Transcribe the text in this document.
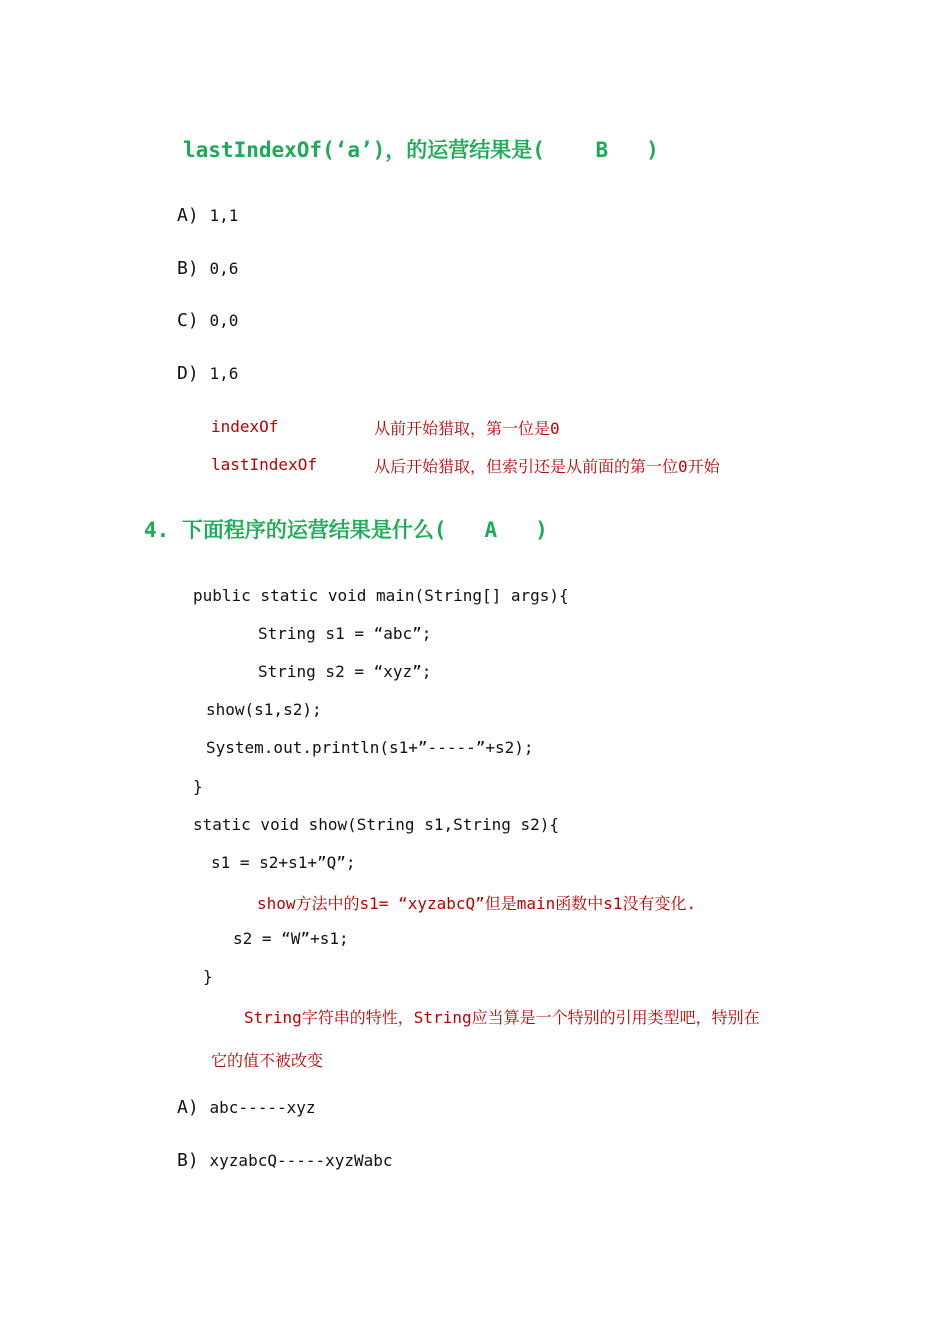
lastIndexOf(‘a’)，的运营结果是(    B   )
A) 1,1
B) 0,6
C) 0,0
D) 1,6
indexOf	从前开始猎取，第一位是0
lastIndexOf	从后开始猎取，但索引还是从前面的第一位0开始
4. 下面程序的运营结果是什么(   A   )
public static void main(String[] args){
String s1 = “abc”;
String s2 = “xyz”;
show(s1,s2);
System.out.println(s1+”-----”+s2);
}
static void show(String s1,String s2){
s1 = s2+s1+”Q”;
show方法中的s1= “xyzabcQ”但是main函数中s1没有变化.
s2 = “W”+s1;
}
String字符串的特性，String应当算是一个特别的引用类型吧，特别在
它的值不被改变
A) abc-----xyz
B) xyzabcQ-----xyzWabc
